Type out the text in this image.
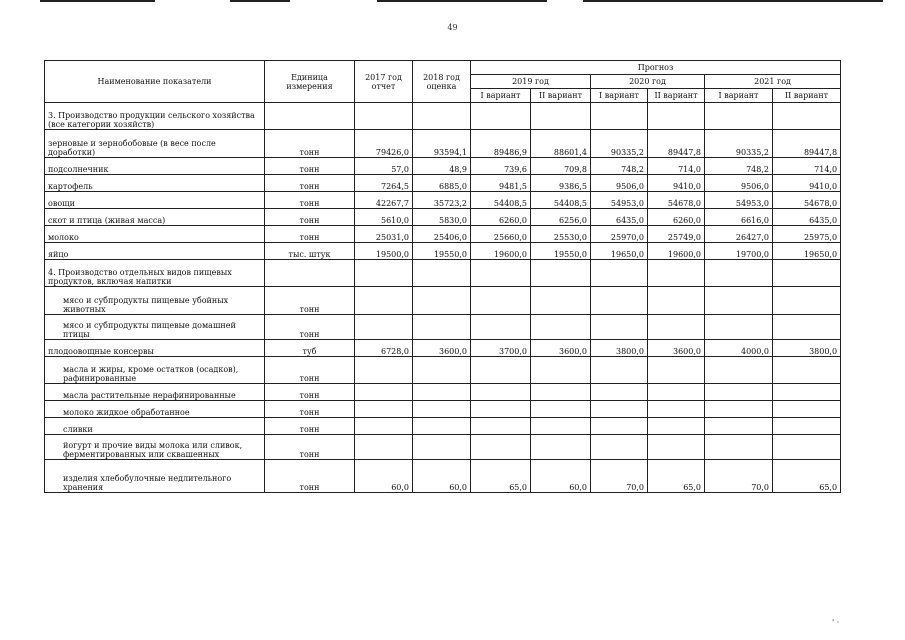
49
Наименование показатели	Единица измерения	2017 год отчет	2018 год оценка	Прогноз					
				2019 год		2020 год		2021 год	
				I вариант	II вариант	I вариант	II вариант	I вариант	II вариант
3. Производство продукции сельского хозяйства (все категории хозяйств)									
зерновые и зернобобовые (в весе после доработки)	тонн	79426,0	93594,1	89486,9	88601,4	90335,2	89447,8	90335,2	89447,8
подсолнечник	тонн	57,0	48,9	739,6	709,8	748,2	714,0	748,2	714,0
картофель	тонн	7264,5	6885,0	9481,5	9386,5	9506,0	9410,0	9506,0	9410,0
овощи	тонн	42267,7	35723,2	54408,5	54408,5	54953,0	54678,0	54953,0	54678,0
скот и птица (живая масса)	тонн	5610,0	5830,0	6260,0	6256,0	6435,0	6260,0	6616,0	6435,0
молоко	тонн	25031,0	25406,0	25660,0	25530,0	25970,0	25749,0	26427,0	25975,0
яйцо	тыс. штук	19500,0	19550,0	19600,0	19550,0	19650,0	19600,0	19700,0	19650,0
4. Производство отдельных видов пищевых продуктов, включая напитки									
мясо и субпродукты пищевые убойных животных	тонн								
мясо и субпродукты пищевые домашней птицы	тонн								
плодоовощные консервы	туб	6728,0	3600,0	3700,0	3600,0	3800,0	3600,0	4000,0	3800,0
масла и жиры, кроме остатков (осадков), рафинированные	тонн								
масла растительные нерафинированные	тонн								
молоко жидкое обработанное	тонн								
сливки	тонн								
йогурт и прочие виды молока или сливок, ферментированных или сквашенных	тонн								
изделия хлебобулочные недлительного хранения	тонн	60,0	60,0	65,0	60,0	70,0	65,0	70,0	65,0
' ·
